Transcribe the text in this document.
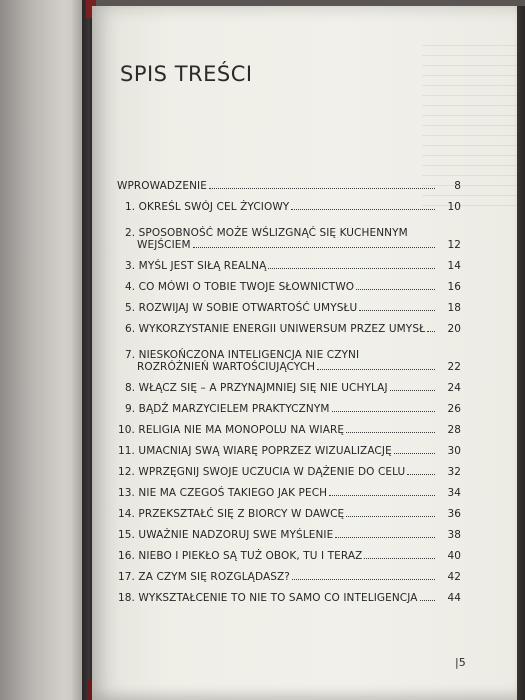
SPIS TREŚCI
WPROWADZENIE	8
1. OKREŚL SWÓJ CEL ŻYCIOWY	10
2. SPOSOBNOŚĆ MOŻE WŚLIZGNĄĆ SIĘ KUCHENNYM
WEJŚCIEM	12
3. MYŚL JEST SIŁĄ REALNĄ	14
4. CO MÓWI O TOBIE TWOJE SŁOWNICTWO	16
5. ROZWIJAJ W SOBIE OTWARTOŚĆ UMYSŁU	18
6. WYKORZYSTANIE ENERGII UNIWERSUM PRZEZ UMYSŁ	20
7. NIESKOŃCZONA INTELIGENCJA NIE CZYNI
ROZRÓŻNIEŃ WARTOŚCIUJĄCYCH	22
8. WŁĄCZ SIĘ – A PRZYNAJMNIEJ SIĘ NIE UCHYLAJ	24
9. BĄDŹ MARZYCIELEM PRAKTYCZNYM	26
10. RELIGIA NIE MA MONOPOLU NA WIARĘ	28
11. UMACNIAJ SWĄ WIARĘ POPRZEZ WIZUALIZACJĘ	30
12. WPRZĘGNIJ SWOJE UCZUCIA W DĄŻENIE DO CELU	32
13. NIE MA CZEGOŚ TAKIEGO JAK PECH	34
14. PRZEKSZTAŁĆ SIĘ Z BIORCY W DAWCĘ	36
15. UWAŻNIE NADZORUJ SWE MYŚLENIE	38
16. NIEBO I PIEKŁO SĄ TUŻ OBOK, TU I TERAZ	40
17. ZA CZYM SIĘ ROZGLĄDASZ?	42
18. WYKSZTAŁCENIE TO NIE TO SAMO CO INTELIGENCJA	44
|5
